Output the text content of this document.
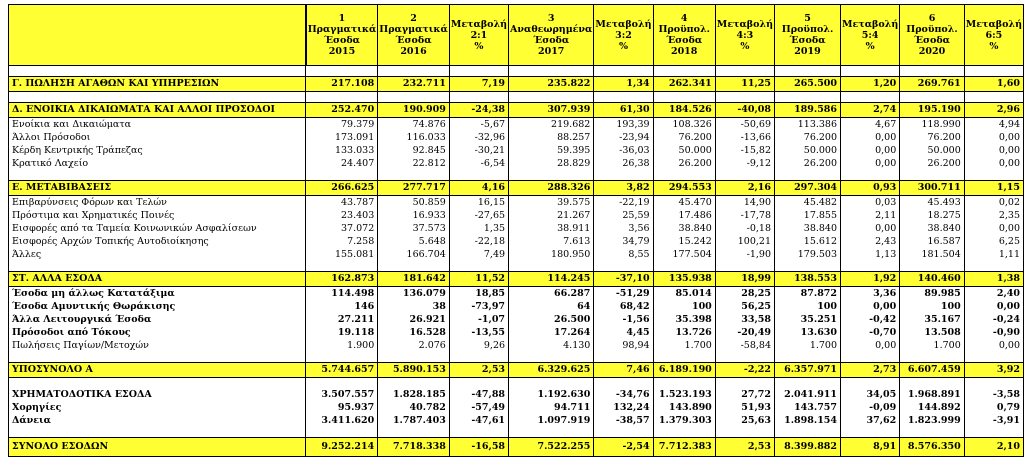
	1
Πραγματικά
Έσοδα
2015	2
Πραγματικά
Έσοδα
2016	Μεταβολή
2:1
%	3
Αναθεωρημένα
Έσοδα
2017	Μεταβολή
3:2
%	4
Προϋπολ.
Έσοδα
2018	Μεταβολή
4:3
%	5
Προϋπολ.
Έσοδα
2019	Μεταβολή
5:4
%	6
Προϋπολ.
Έσοδα
2020	Μεταβολή
6:5
%

Γ. ΠΩΛΗΣΗ ΑΓΑΘΩΝ ΚΑΙ ΥΠΗΡΕΣΙΩΝ	217.108	232.711	7,19	235.822	1,34	262.341	11,25	265.500	1,20	269.761	1,60

Δ. ΕΝΟΙΚΙΑ ΔΙΚΑΙΩΜΑΤΑ ΚΑΙ ΑΛΛΟΙ ΠΡΟΣΟΔΟΙ	252.470	190.909	-24,38	307.939	61,30	184.526	-40,08	189.586	2,74	195.190	2,96
Ενοίκια και Δικαιώματα	79.379	74.876	-5,67	219.682	193,39	108.326	-50,69	113.386	4,67	118.990	4,94
Άλλοι Πρόσοδοι	173.091	116.033	-32,96	88.257	-23,94	76.200	-13,66	76.200	0,00	76.200	0,00
Κέρδη Κεντρικής Τράπεζας	133.033	92.845	-30,21	59.395	-36,03	50.000	-15,82	50.000	0,00	50.000	0,00
Κρατικό Λαχείο	24.407	22.812	-6,54	28.829	26,38	26.200	-9,12	26.200	0,00	26.200	0,00

Ε. ΜΕΤΑΒΙΒΑΣΕΙΣ	266.625	277.717	4,16	288.326	3,82	294.553	2,16	297.304	0,93	300.711	1,15
Επιβαρύνσεις Φόρων και Τελών	43.787	50.859	16,15	39.575	-22,19	45.470	14,90	45.482	0,03	45.493	0,02
Πρόστιμα και Χρηματικές Ποινές	23.403	16.933	-27,65	21.267	25,59	17.486	-17,78	17.855	2,11	18.275	2,35
Εισφορές από τα Ταμεία Κοινωνικών Ασφαλίσεων	37.072	37.573	1,35	38.911	3,56	38.840	-0,18	38.840	0,00	38.840	0,00
Εισφορές Αρχών Τοπικής Αυτοδιοίκησης	7.258	5.648	-22,18	7.613	34,79	15.242	100,21	15.612	2,43	16.587	6,25
Άλλες	155.081	166.704	7,49	180.950	8,55	177.504	-1,90	179.503	1,13	181.504	1,11

ΣΤ. ΑΛΛΑ ΕΣΟΔΑ	162.873	181.642	11,52	114.245	-37,10	135.938	18,99	138.553	1,92	140.460	1,38
Έσοδα μη άλλως Κατατάξιμα	114.498	136.079	18,85	66.287	-51,29	85.014	28,25	87.872	3,36	89.985	2,40
Έσοδα Αμυντικής Θωράκισης	146	38	-73,97	64	68,42	100	56,25	100	0,00	100	0,00
Άλλα Λειτουργικά Έσοδα	27.211	26.921	-1,07	26.500	-1,56	35.398	33,58	35.251	-0,42	35.167	-0,24
Πρόσοδοι από Τόκους	19.118	16.528	-13,55	17.264	4,45	13.726	-20,49	13.630	-0,70	13.508	-0,90
Πωλήσεις Παγίων/Μετοχών	1.900	2.076	9,26	4.130	98,94	1.700	-58,84	1.700	0,00	1.700	0,00

ΥΠΟΣΥΝΟΛΟ Α	5.744.657	5.890.153	2,53	6.329.625	7,46	6.189.190	-2,22	6.357.971	2,73	6.607.459	3,92

ΧΡΗΜΑΤΟΔΟΤΙΚΑ ΕΣΟΔΑ	3.507.557	1.828.185	-47,88	1.192.630	-34,76	1.523.193	27,72	2.041.911	34,05	1.968.891	-3,58
Χορηγίες	95.937	40.782	-57,49	94.711	132,24	143.890	51,93	143.757	-0,09	144.892	0,79
Δάνεια	3.411.620	1.787.403	-47,61	1.097.919	-38,57	1.379.303	25,63	1.898.154	37,62	1.823.999	-3,91

ΣΥΝΟΛΟ ΕΣΟΔΩΝ	9.252.214	7.718.338	-16,58	7.522.255	-2,54	7.712.383	2,53	8.399.882	8,91	8.576.350	2,10
